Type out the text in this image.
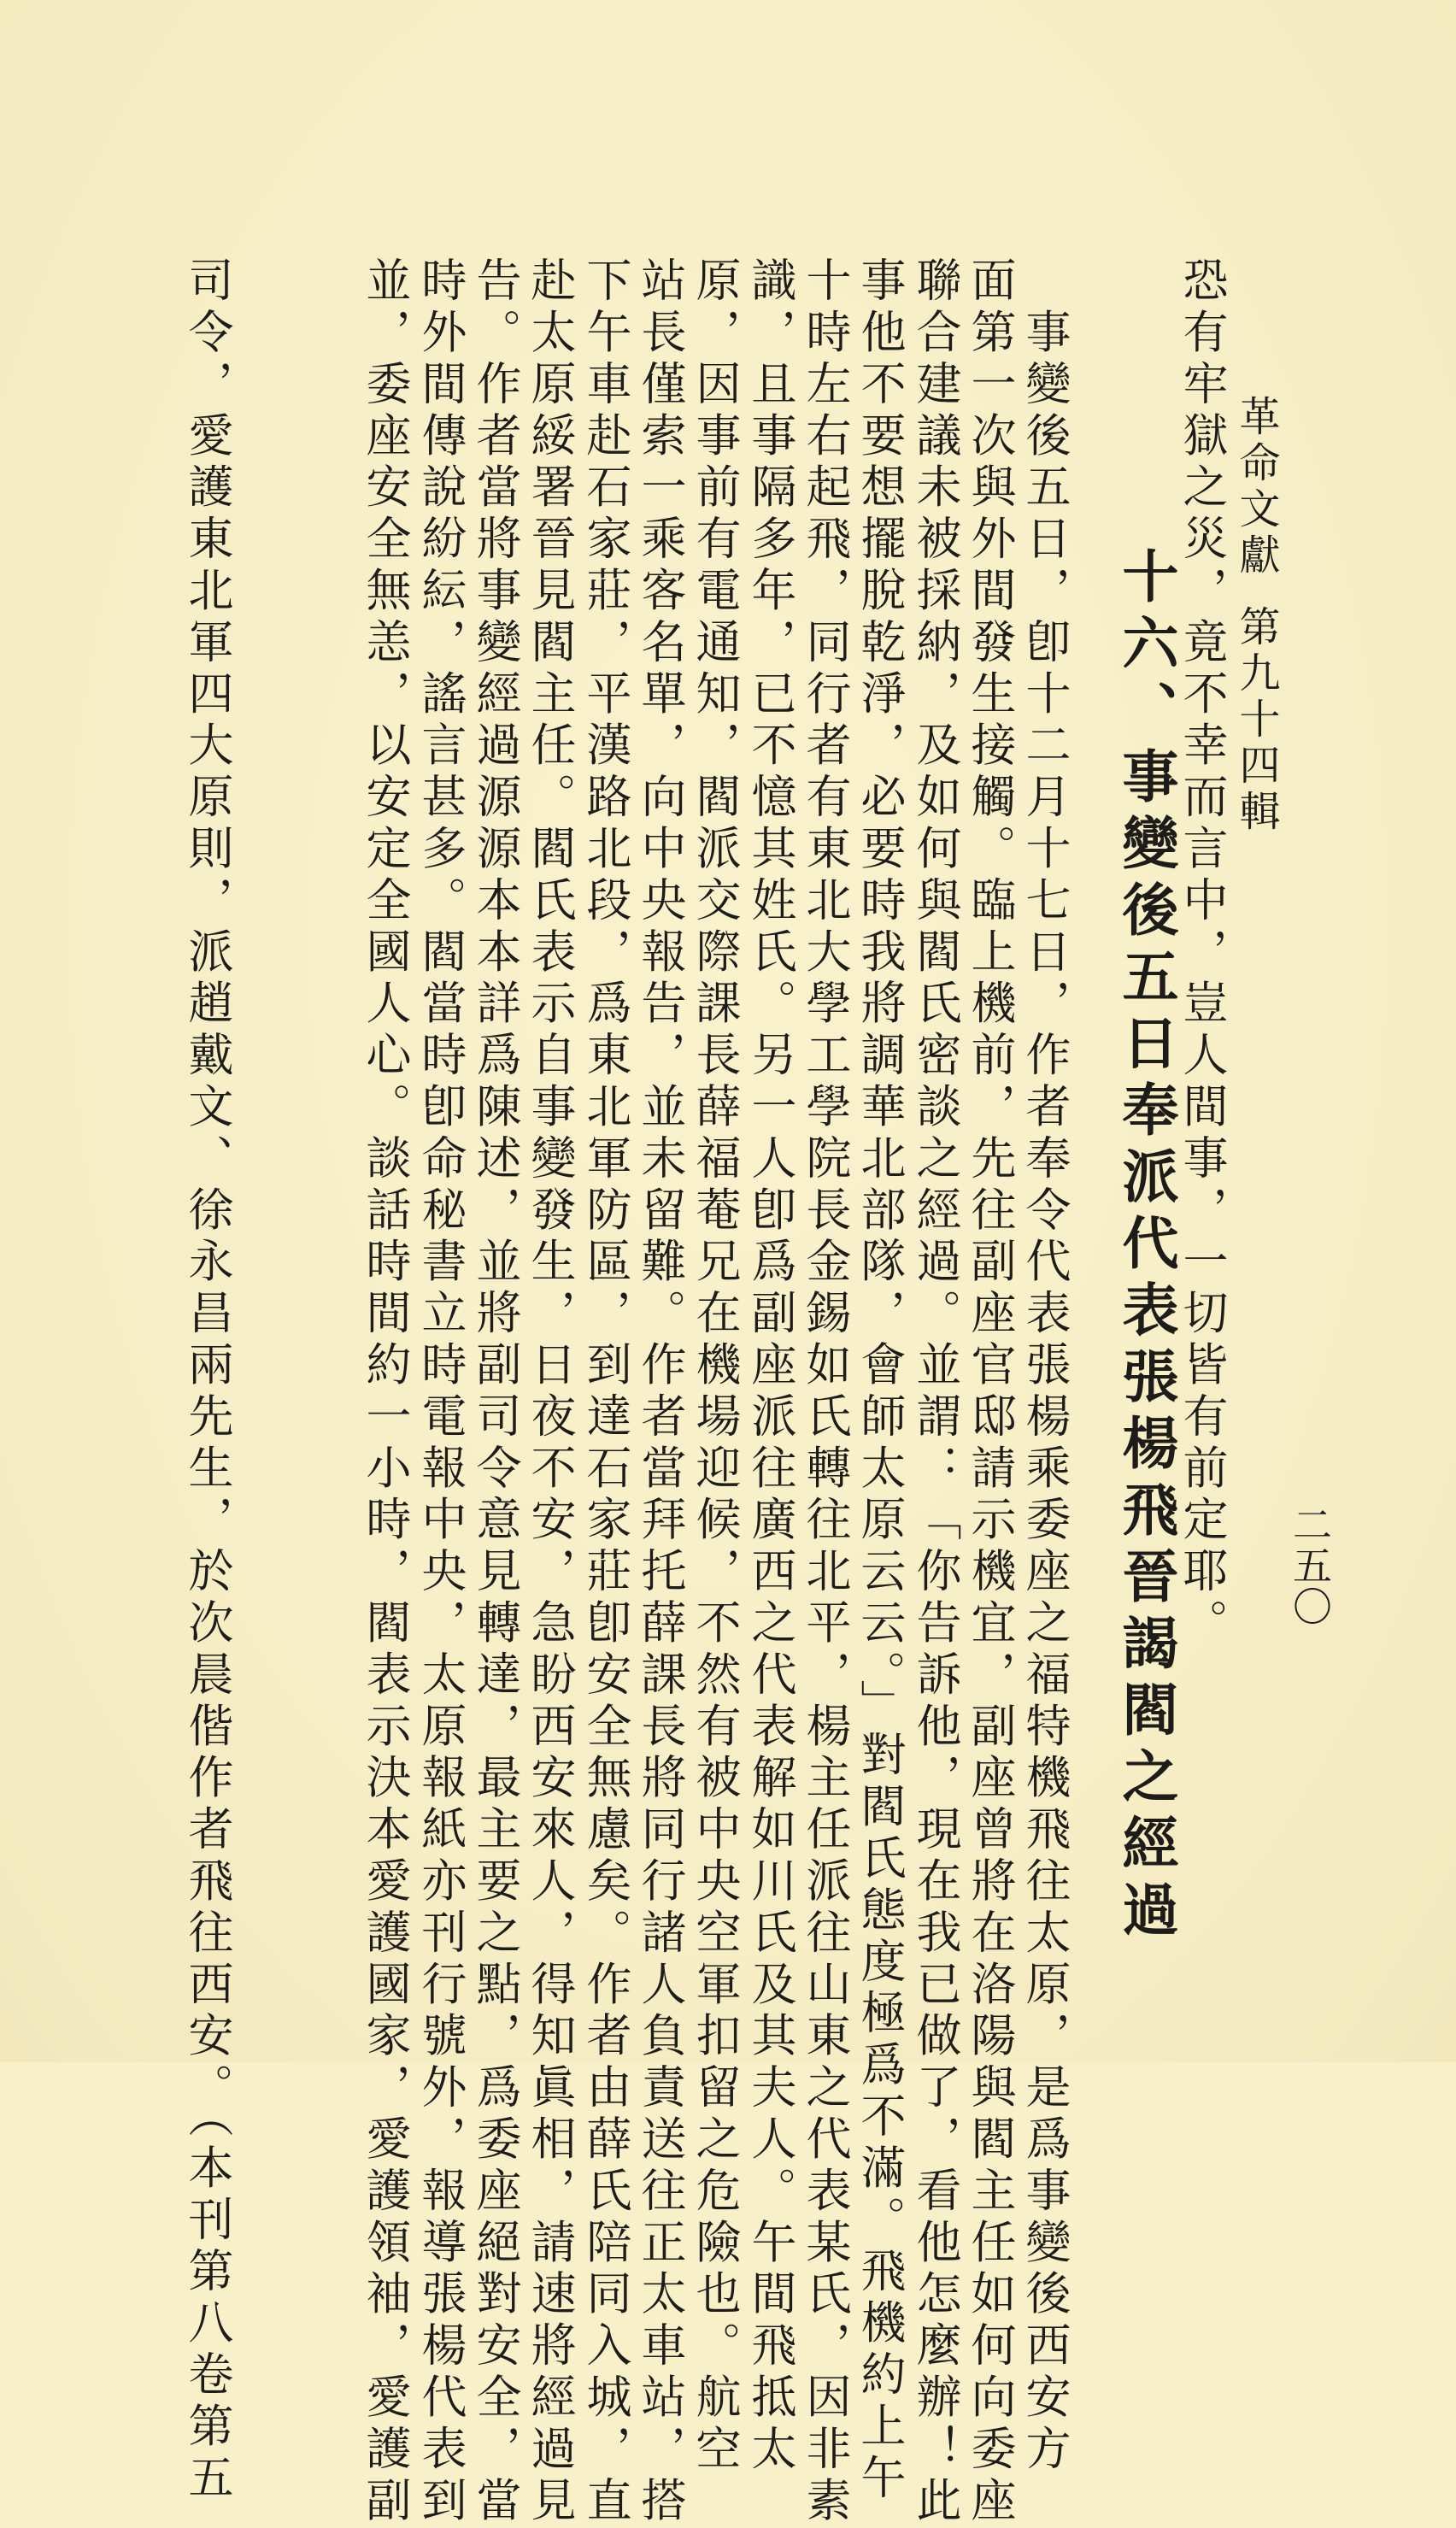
革命文獻第九十四輯
二五〇
恐有牢獄之災，竟不幸而言中，豈人間事，一切皆有前定耶。
十六、事變後五日奉派代表張楊飛晉謁閻之經過
　事變後五日，卽十二月十七日，作者奉令代表張楊乘委座之福特機飛往太原，是爲事變後西安方
面第一次與外間發生接觸。臨上機前，先往副座官邸請示機宜，副座曾將在洛陽與閻主任如何向委座
聯合建議未被採納，及如何與閻氏密談之經過。並謂：「你告訴他，現在我已做了，看他怎麼辦！此
事他不要想擺脫乾淨，必要時我將調華北部隊，會師太原云云。」對閻氏態度極爲不滿。飛機約上午
十時左右起飛，同行者有東北大學工學院長金錫如氏轉往北平，楊主任派往山東之代表某氏，因非素
識，且事隔多年，已不憶其姓氏。另一人卽爲副座派往廣西之代表解如川氏及其夫人。午間飛抵太
原，因事前有電通知，閻派交際課長薛福菴兄在機場迎候，不然有被中央空軍扣留之危險也。航空
站長僅索一乘客名單，向中央報告，並未留難。作者當拜托薛課長將同行諸人負責送往正太車站，搭
下午車赴石家莊，平漢路北段，爲東北軍防區，到達石家莊卽安全無慮矣。作者由薛氏陪同入城，直
赴太原綏署晉見閻主任。閻氏表示自事變發生，日夜不安，急盼西安來人，得知眞相，請速將經過見
告。作者當將事變經過源源本本詳爲陳述，並將副司令意見轉達，最主要之點，爲委座絕對安全，當
時外間傳說紛紜，謠言甚多。閻當時卽命秘書立時電報中央，太原報紙亦刊行號外，報導張楊代表到
並，委座安全無恙，以安定全國人心。談話時間約一小時，閻表示決本愛護國家，愛護領袖，愛護副
司令，愛護東北軍四大原則，派趙戴文、徐永昌兩先生，於次晨偕作者飛往西安。（本刊第八卷第五
